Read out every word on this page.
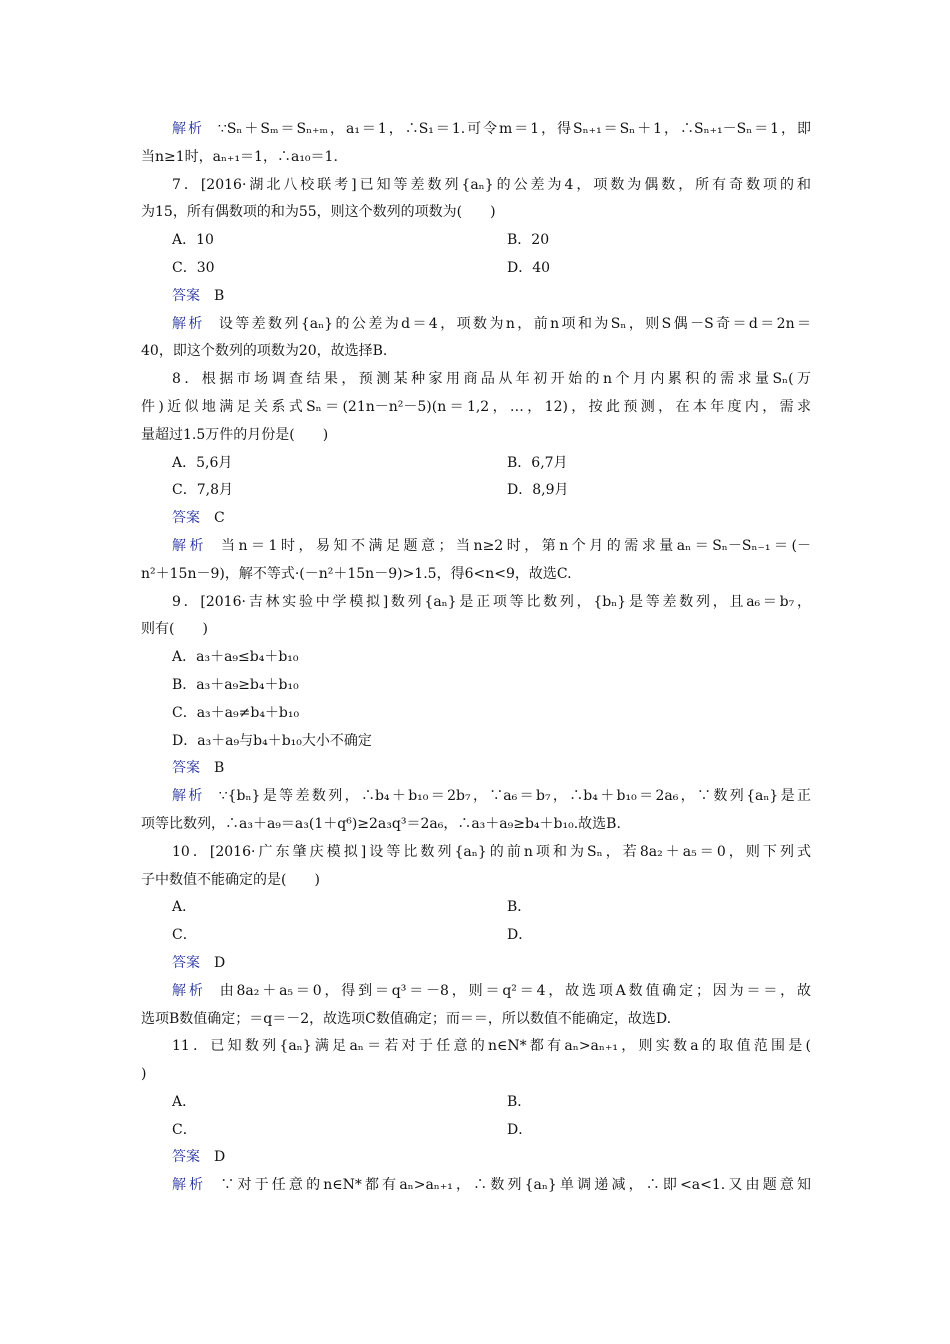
解析 ∵Sₙ＋Sₘ＝Sₙ₊ₘ，a₁＝1，∴S₁＝1.可令m＝1，得Sₙ₊₁＝Sₙ＋1，∴Sₙ₊₁－Sₙ＝1，即
当n≥1时，aₙ₊₁＝1，∴a₁₀＝1.
7．[2016·湖北八校联考]已知等差数列{aₙ}的公差为4，项数为偶数，所有奇数项的和
为15，所有偶数项的和为55，则这个数列的项数为(　　)
A．10	B．20
C．30	D．40
答案 B
解析 设等差数列{aₙ}的公差为d＝4，项数为n，前n项和为Sₙ，则S偶－S奇＝d＝2n＝
40，即这个数列的项数为20，故选择B.
8．根据市场调查结果，预测某种家用商品从年初开始的n个月内累积的需求量Sₙ(万
件)近似地满足关系式Sₙ＝(21n－n²－5)(n＝1,2，…，12)，按此预测，在本年度内，需求
量超过1.5万件的月份是(　　)
A．5,6月	B．6,7月
C．7,8月	D．8,9月
答案 C
解析 当n＝1时，易知不满足题意；当n≥2时，第n个月的需求量aₙ＝Sₙ－Sₙ₋₁＝(－
n²＋15n－9)，解不等式·(－n²＋15n－9)>1.5，得6<n<9，故选C.
9．[2016·吉林实验中学模拟]数列{aₙ}是正项等比数列，{bₙ}是等差数列，且a₆＝b₇，
则有(　　)
A．a₃＋a₉≤b₄＋b₁₀
B．a₃＋a₉≥b₄＋b₁₀
C．a₃＋a₉≠b₄＋b₁₀
D．a₃＋a₉与b₄＋b₁₀大小不确定
答案 B
解析 ∵{bₙ}是等差数列，∴b₄＋b₁₀＝2b₇，∵a₆＝b₇，∴b₄＋b₁₀＝2a₆，∵数列{aₙ}是正
项等比数列，∴a₃＋a₉＝a₃(1＋q⁶)≥2a₃q³＝2a₆，∴a₃＋a₉≥b₄＋b₁₀.故选B.
10．[2016·广东肇庆模拟]设等比数列{aₙ}的前n项和为Sₙ，若8a₂＋a₅＝0，则下列式
子中数值不能确定的是(　　)
A．	B．
C．	D．
答案 D
解析 由8a₂＋a₅＝0，得到＝q³＝－8，则＝q²＝4，故选项A数值确定；因为＝＝，故
选项B数值确定；＝q＝－2，故选项C数值确定；而＝＝，所以数值不能确定，故选D.
11．已知数列{aₙ}满足aₙ＝若对于任意的n∈N*都有aₙ>aₙ₊₁，则实数a的取值范围是(
)
A．	B．
C．	D．
答案 D
解析 ∵对于任意的n∈N*都有aₙ>aₙ₊₁，∴数列{aₙ}单调递减，∴即<a<1.又由题意知
